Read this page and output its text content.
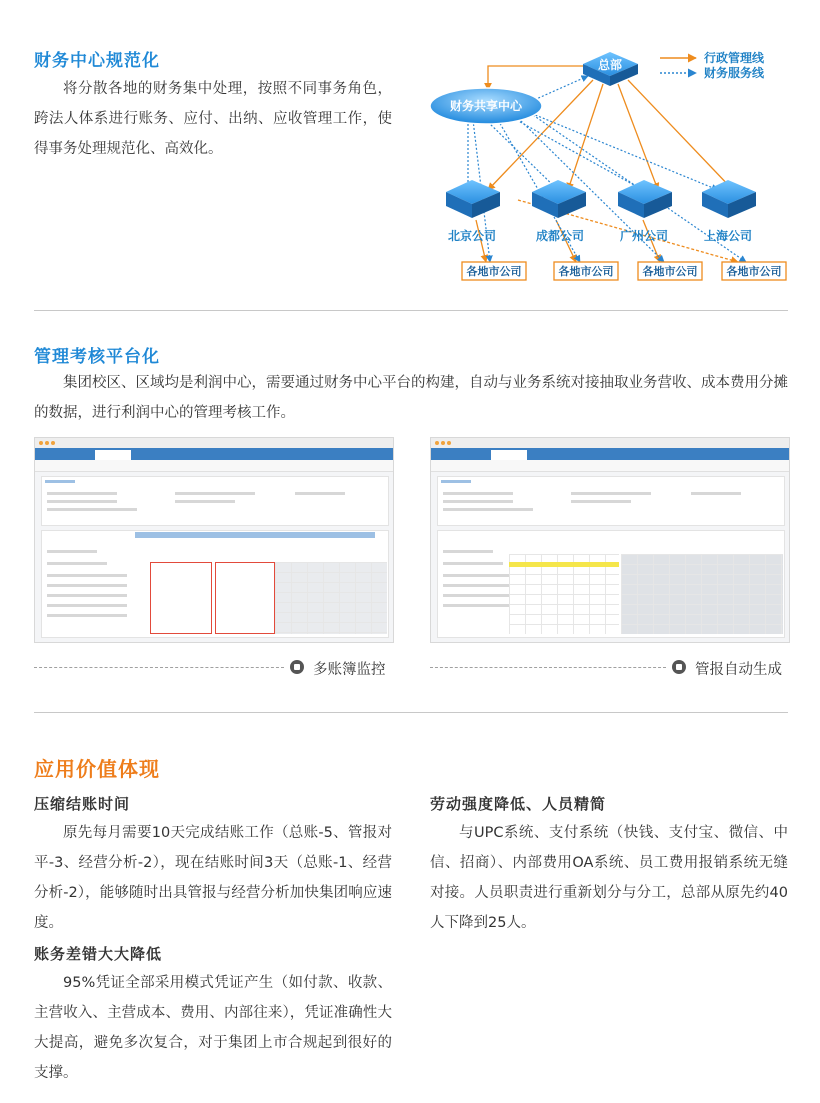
财务中心规范化
将分散各地的财务集中处理，按照不同事务角色，跨法人体系进行账务、应付、出纳、应收管理工作，使得事务处理规范化、高效化。
行政管理线
财务服务线
总部
财务共享中心
北京公司	成都公司	广州公司	上海公司
各地市公司	各地市公司	各地市公司	各地市公司
管理考核平台化
集团校区、区域均是利润中心，需要通过财务中心平台的构建，自动与业务系统对接抽取业务营收、成本费用分摊的数据，进行利润中心的管理考核工作。
多账簿监控	管报自动生成
应用价值体现
压缩结账时间
原先每月需要10天完成结账工作（总账-5、管报对平-3、经营分析-2），现在结账时间3天（总账-1、经营分析-2），能够随时出具管报与经营分析加快集团响应速度。
账务差错大大降低
95%凭证全部采用模式凭证产生（如付款、收款、主营收入、主营成本、费用、内部往来），凭证准确性大大提高，避免多次复合，对于集团上市合规起到很好的支撑。
劳动强度降低、人员精简
与UPC系统、支付系统（快钱、支付宝、微信、中信、招商）、内部费用OA系统、员工费用报销系统无缝对接。人员职责进行重新划分与分工，总部从原先约40人下降到25人。
